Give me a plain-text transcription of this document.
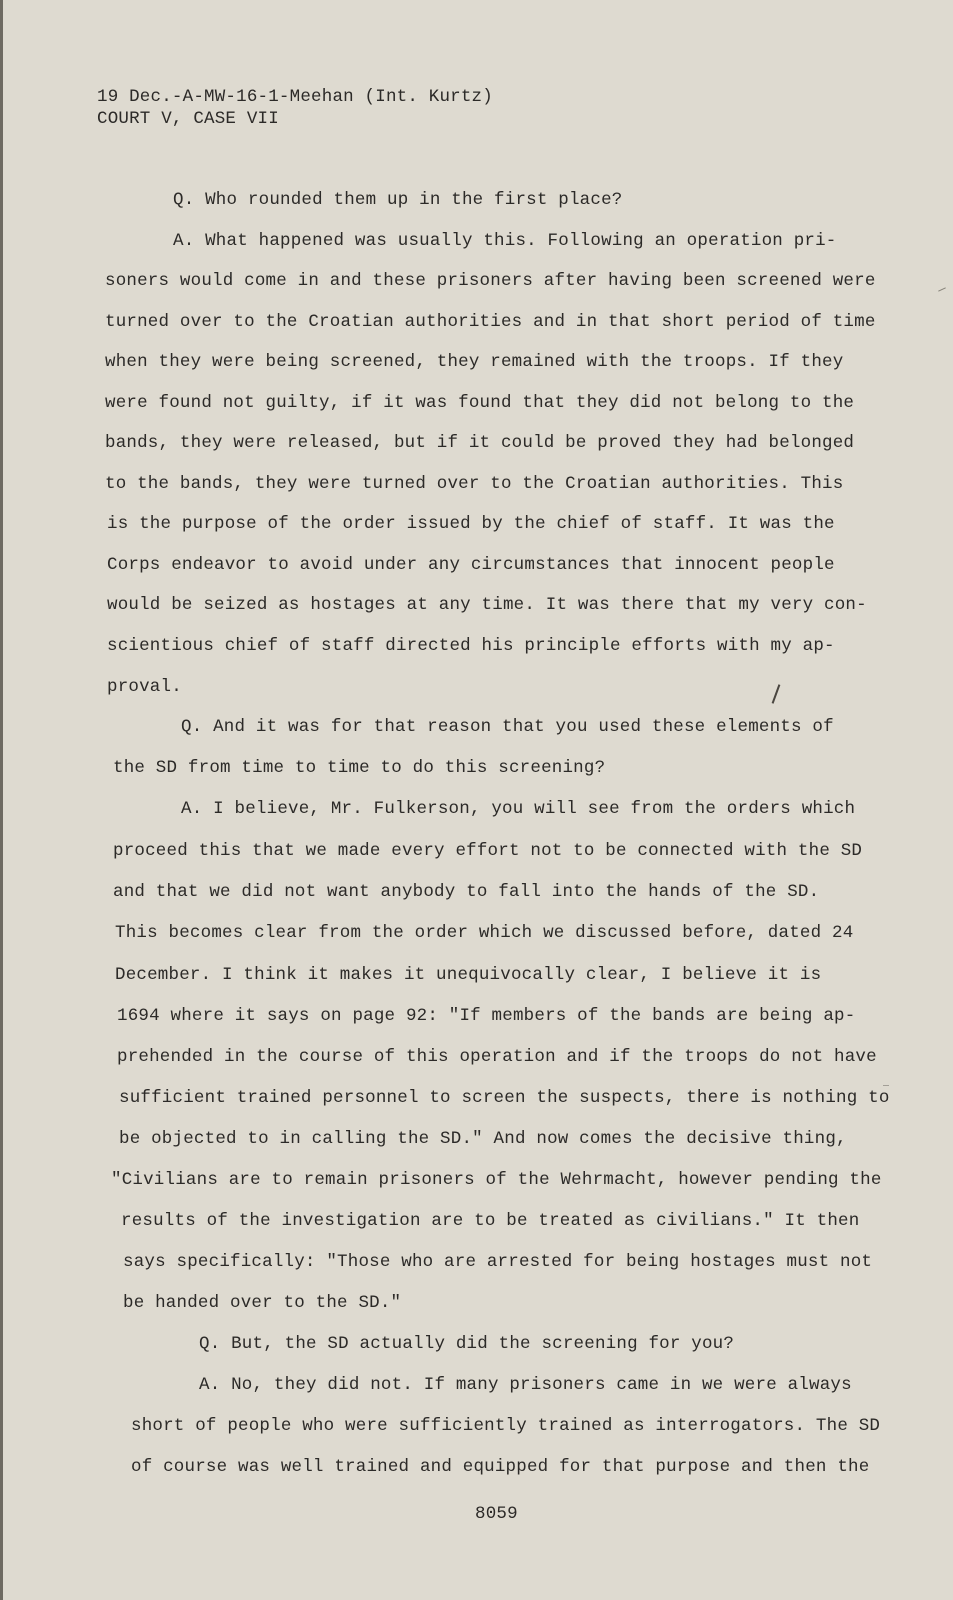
19 Dec.-A-MW-16-1-Meehan (Int. Kurtz)
COURT V, CASE VII
Q. Who rounded them up in the first place?
A. What happened was usually this. Following an operation pri-
soners would come in and these prisoners after having been screened were
turned over to the Croatian authorities and in that short period of time
when they were being screened, they remained with the troops. If they
were found not guilty, if it was found that they did not belong to the
bands, they were released, but if it could be proved they had belonged
to the bands, they were turned over to the Croatian authorities. This
is the purpose of the order issued by the chief of staff. It was the
Corps endeavor to avoid under any circumstances that innocent people
would be seized as hostages at any time. It was there that my very con-
scientious chief of staff directed his principle efforts with my ap-
proval.
Q. And it was for that reason that you used these elements of
the SD from time to time to do this screening?
A. I believe, Mr. Fulkerson, you will see from the orders which
proceed this that we made every effort not to be connected with the SD
and that we did not want anybody to fall into the hands of the SD.
This becomes clear from the order which we discussed before, dated 24
December. I think it makes it unequivocally clear, I believe it is
1694 where it says on page 92: "If members of the bands are being ap-
prehended in the course of this operation and if the troops do not have
sufficient trained personnel to screen the suspects, there is nothing to
be objected to in calling the SD." And now comes the decisive thing,
"Civilians are to remain prisoners of the Wehrmacht, however pending the
results of the investigation are to be treated as civilians." It then
says specifically: "Those who are arrested for being hostages must not
be handed over to the SD."
Q. But, the SD actually did the screening for you?
A. No, they did not. If many prisoners came in we were always
short of people who were sufficiently trained as interrogators. The SD
of course was well trained and equipped for that purpose and then the
8059
